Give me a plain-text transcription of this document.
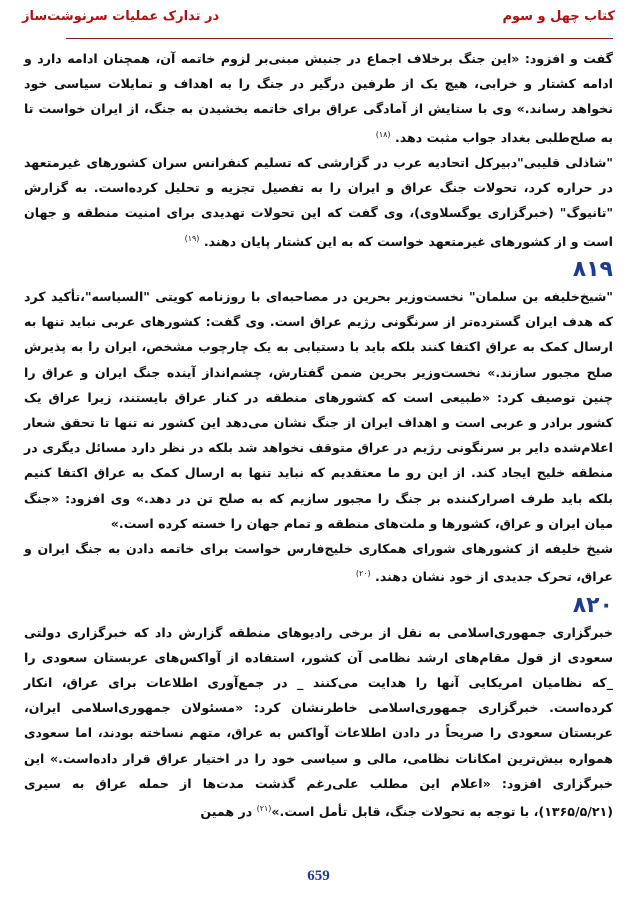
کتاب چهل و سوم
در تدارک عملیات سرنوشت‌ساز

گفت و افزود: «این جنگ برخلاف اجماع در جنبش مبنی‌بر لزوم خاتمه آن، همچنان ادامه دارد و ادامه کشتار و خرابی، هیچ یک از طرفین درگیر در جنگ را به اهداف و تمایلات سیاسی خود نخواهد رساند.» وی با ستایش از آمادگی عراق برای خاتمه بخشیدن به جنگ، از ایران خواست تا به صلح‌طلبی بغداد جواب مثبت دهد. $^{(۱۸)}$

"شاذلی قلیبی"دبیرکل اتحادیه عرب در گزارشی که تسلیم کنفرانس سران کشورهای غیرمتعهد در حراره کرد، تحولات جنگ عراق و ایران را به تفصیل تجزیه و تحلیل کرده‌است. به گزارش "تانیوگ" (خبرگزاری یوگسلاوی)، وی گفت که این تحولات تهدیدی برای امنیت منطقه و جهان است و از کشورهای غیرمتعهد خواست که به این کشتار پایان دهند. $^{(۱۹)}$

۸۱۹

"شیخ‌خلیفه بن سلمان" نخست‌وزیر بحرین در مصاحبه‌ای با روزنامه کویتی "السیاسه"،تأکید کرد که هدف ایران گسترده‌تر از سرنگونی رژیم عراق است. وی گفت: کشورهای عربی نباید تنها به ارسال کمک به عراق اکتفا کنند بلکه باید با دستیابی به یک چارچوب مشخص، ایران را به پذیرش صلح مجبور سازند.» نخست‌وزیر بحرین ضمن گفتارش، چشم‌انداز آینده جنگ ایران و عراق را چنین توصیف کرد: «طبیعی است که کشورهای منطقه در کنار عراق بایستند، زیرا عراق یک کشور برادر و عربی است و اهداف ایران از جنگ نشان می‌دهد این کشور نه تنها تا تحقق شعار اعلام‌شده دایر بر سرنگونی رژیم در عراق متوقف نخواهد شد بلکه در نظر دارد مسائل دیگری در منطقه خلیج ایجاد کند. از این رو ما معتقدیم که نباید تنها به ارسال کمک به عراق اکتفا کنیم بلکه باید طرف اصرارکننده بر جنگ را مجبور سازیم که به صلح تن در دهد.» وی افزود: «جنگ میان ایران و عراق، کشورها و ملت‌های منطقه و تمام جهان را خسته کرده است.»

شیخ خلیفه از کشورهای شورای همکاری خلیج‌فارس خواست برای خاتمه دادن به جنگ ایران و عراق، تحرک جدیدی از خود نشان دهند. $^{(۲۰)}$

۸۲۰

خبرگزاری جمهوری‌اسلامی به نقل از برخی رادیوهای منطقه گزارش داد که خبرگزاری دولتی سعودی از قول مقام‌های ارشد نظامی آن کشور، استفاده از آواکس‌های عربستان سعودی را _که نظامیان امریکایی آنها را هدایت می‌کنند _ در جمع‌آوری اطلاعات برای عراق، انکار کرده‌است. خبرگزاری جمهوری‌اسلامی خاطرنشان کرد: «مسئولان جمهوری‌اسلامی ایران، عربستان سعودی را صریحاً در دادن اطلاعات آواکس به عراق، متهم نساخته بودند، اما سعودی همواره بیش‌ترین امکانات نظامی، مالی و سیاسی خود را در اختیار عراق قرار داده‌است.» این خبرگزاری افزود: «اعلام این مطلب علی‌رغم گذشت مدت‌ها از حمله عراق به سیری (۱۳۶۵/۵/۲۱)، با توجه به تحولات جنگ، قابل تأمل است.»$^{(۲۱)}$ در همین

659
